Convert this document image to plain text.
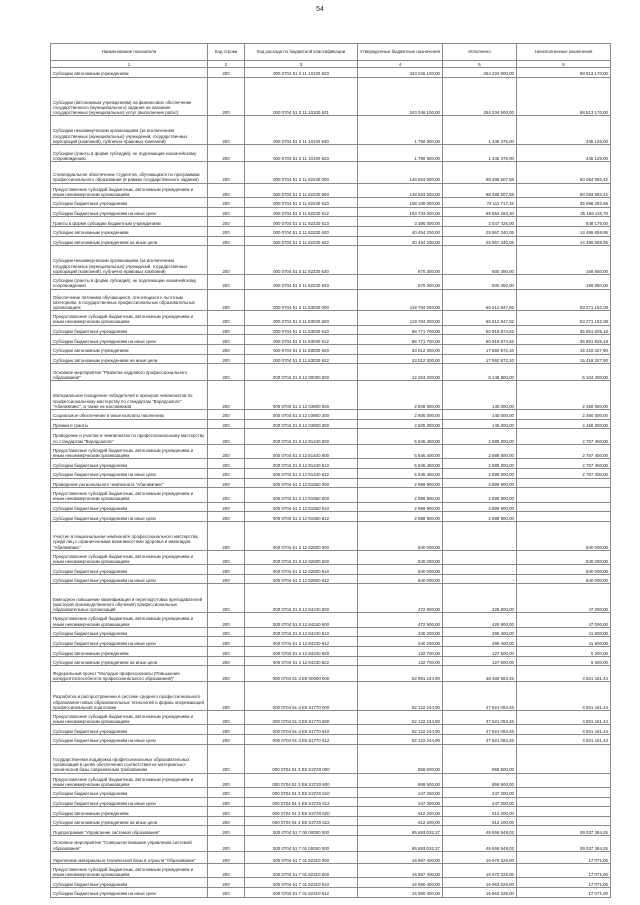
54
Наименование показателя	Код строки	Код расхода по бюджетной классификации	Утвержденные бюджетные назначения	Исполнено	Неисполненные назначения
1	2	3	4	5	6
Субсидии автономным учреждениям	200	000 0704 51 3 11 10100 620	343 046 100,00	254 234 900,00	88 813 170,00
Субсидии (автономным учреждениям) на финансовое обеспечение государственного (муниципального) задания на оказание государственных (муниципальных) услуг (выполнение работ)	200	000 0704 51 3 11 10100 621	343 046 100,00	254 234 900,00	88 813 170,00
Субсидии некоммерческим организациям (за исключением государственных (муниципальных) учреждений, государственных корпораций (компаний), публично-правовых компаний)	200	000 0704 51 3 11 10100 630	1 790 500,00	1 345 375,00	445 125,00
Субсидии (гранты в форме субсидий), не подлежащие казначейскому сопровождению	200	000 0704 51 3 11 10100 633	1 790 500,00	1 345 375,00	445 125,00
Стипендиальное обеспечение студентов, обучающихся по программам профессионального образования (в рамках государственного задания)	200	000 0704 51 3 11 82230 000	148 563 500,00	98 488 507,58	50 084 992,42
Предоставление субсидий бюджетным, автономным учреждениям и иным некоммерческим организациям	200	000 0704 51 3 11 82230 600	148 563 500,00	98 488 507,58	50 084 992,42
Субсидии бюджетным учреждениям	200	000 0704 51 3 11 82230 610	108 109 000,00	72 111 717,32	35 998 282,68
Субсидии бюджетным учреждениям на иные цели	200	000 0704 51 3 11 82230 612	104 733 000,00	69 564 283,30	35 169 116,70
Гранты в форме субсидии бюджетным учреждениям	200	000 0704 51 3 11 82230 613	3 395 000,00	2 547 425,00	848 175,00
Субсидии автономным учреждениям	200	000 0704 51 3 11 82230 620	40 454 200,00	25 967 340,05	14 486 859,95
Субсидии автономным учреждениям на иные цели	200	000 0704 51 3 11 82230 622	40 454 200,00	25 967 340,05	14 486 859,95
Субсидии некоммерческим организациям (за исключением государственных (муниципальных) учреждений, государственных корпораций (компаний), публично-правовых компаний)	200	000 0704 51 3 11 82230 630	670 300,00	500 450,00	169 850,00
Субсидии (гранты в форме субсидий), не подлежащие казначейскому сопровождению	200	000 0704 51 3 11 82230 633	670 300,00	500 450,00	169 850,00
Обеспечение питанием обучающихся, относящихся к льготным категориям, в государственных профессиональных образовательных организациях	200	000 0704 51 3 11 83030 000	119 784 000,00	66 512 847,92	53 271 152,08
Предоставление субсидий бюджетным, автономным учреждениям и иным некоммерческим организациям	200	000 0704 51 3 11 83030 600	119 784 000,00	66 512 847,92	53 271 152,08
Субсидии бюджетным учреждениям	200	000 0704 51 3 11 83030 610	86 771 700,00	50 919 874,82	35 851 825,18
Субсидии бюджетным учреждениям на иные цели	200	000 0704 51 3 11 83030 612	86 771 700,00	50 919 874,82	35 851 825,18
Субсидии автономным учреждениям	200	000 0704 51 3 11 83030 620	33 012 300,00	17 592 972,10	15 419 327,90
Субсидии автономным учреждениям на иные цели	200	000 0704 51 3 11 83030 622	33 012 300,00	17 592 972,10	15 419 327,90
Основное мероприятие "Развитие кадрового профессионального образования"	200	000 0704 51 3 12 00000 000	12 253 200,00	6 148 800,00	6 104 400,00
Материальное поощрение победителей и призеров чемпионатов по профессиональному мастерству по стандартам "Ворлдскиллс" "Абилимпикс", а также их наставников	200	000 0704 51 3 12 03900 000	2 605 000,00	145 000,00	2 460 000,00
Социальное обеспечение и иные выплаты населению	200	000 0704 51 3 12 03900 300	2 605 000,00	145 000,00	2 460 000,00
Премии и гранты	200	000 0704 51 3 12 03900 350	2 605 000,00	145 000,00	2 460 000,00
Проведение и участие в чемпионатах по профессиональному мастерству по стандартам "Ворлдскиллс"	200	000 0704 51 3 12 81440 000	5 646 400,00	2 889 000,00	2 757 400,00
Предоставление субсидий бюджетным, автономным учреждениям и иным некоммерческим организациям	200	000 0704 51 3 12 81440 600	5 646 400,00	2 889 000,00	2 757 400,00
Субсидии бюджетным учреждениям	200	000 0704 51 3 12 81440 610	5 646 400,00	2 889 000,00	2 757 400,00
Субсидии бюджетным учреждениям на иные цели	200	000 0704 51 3 12 81440 612	5 646 400,00	2 889 000,00	2 757 400,00
Проведение регионального чемпионата "Абилимпикс"	200	000 0704 51 3 12 81560 000	2 888 900,00	2 888 900,00	
Предоставление субсидий бюджетным, автономным учреждениям и иным некоммерческим организациям	200	000 0704 51 3 12 81560 600	2 888 900,00	2 888 900,00	
Субсидии бюджетным учреждениям	200	000 0704 51 3 12 81560 610	2 888 900,00	2 888 900,00	
Субсидии бюджетным учреждениям на иные цели	200	000 0704 51 3 12 81560 612	2 888 900,00	2 888 900,00	
Участие в Национальном чемпионате профессионального мастерства, среди лиц с ограниченными возможностями здоровья и инвалидов "Абилимпикс"	200	000 0704 51 3 12 82600 000	840 000,00	-	840 000,00
Предоставление субсидий бюджетным, автономным учреждениям и иным некоммерческим организациям	200	000 0704 51 3 12 82600 600	840 000,00	-	840 000,00
Субсидии бюджетным учреждениям	200	000 0704 51 3 12 82600 610	840 000,00	-	840 000,00
Субсидии бюджетным учреждениям на иные цели	200	000 0704 51 3 12 82600 612	840 000,00	-	840 000,00
Ежегодное повышение квалификации и переподготовка преподавателей (мастеров производственного обучения) профессиональных образовательных организаций	200	000 0704 51 3 12 84240 000	472 900,00	425 900,00	47 000,00
Предоставление субсидий бюджетным, автономным учреждениям и иным некоммерческим организациям	200	000 0704 51 3 12 84240 600	472 900,00	425 900,00	47 000,00
Субсидии бюджетным учреждениям	200	000 0704 51 3 12 84240 610	340 200,00	298 400,00	41 800,00
Субсидии бюджетным учреждениям на иные цели	200	000 0704 51 3 12 84240 612	340 200,00	298 400,00	41 800,00
Субсидии автономным учреждениям	200	000 0704 51 3 12 84240 620	132 700,00	127 500,00	5 200,00
Субсидии автономным учреждениям на иные цели	200	000 0704 51 3 12 84240 622	132 700,00	127 500,00	5 200,00
Федеральный проект "Молодые профессионалы (Повышение конкурентоспособности профессионального образования)"	200	000 0704 51 3 E6 00000 000	52 981 244,90	48 480 583,46	4 501 161,44
Разработка и распространение в системе среднего профессионального образования новых образовательных технологий и формы опережающей профессиональной подготовки	200	000 0704 51 3 E6 51770 000	52 122 244,90	47 621 083,46	4 501 161,44
Предоставление субсидий бюджетным, автономным учреждениям и иным некоммерческим организациям	200	000 0704 51 3 E6 51770 600	52 122 244,90	47 621 083,46	4 501 161,44
Субсидии бюджетным учреждениям	200	000 0704 51 3 E6 51770 610	52 122 244,90	47 621 083,46	4 501 161,44
Субсидии бюджетным учреждениям на иные цели	200	000 0704 51 3 E6 51770 612	52 122 244,90	47 621 083,46	4 501 161,44
Государственная поддержка профессиональных образовательных организаций в целях обеспечения соответствия их материально-технической базы современным требованиям	200	000 0704 51 3 E6 S3720 000	859 500,00	859 500,00	
Предоставление субсидий бюджетным, автономным учреждениям и иным некоммерческим организациям	200	000 0704 51 3 E6 S3720 600	859 500,00	859 500,00	
Субсидии бюджетным учреждениям	200	000 0704 51 3 E6 S3720 610	247 300,00	247 300,00	
Субсидии бюджетным учреждениям на иные цели	200	000 0704 51 3 E6 S3720 612	247 300,00	247 300,00	
Субсидии автономным учреждениям	200	000 0704 51 3 E6 S3720 620	612 200,00	612 200,00	
Субсидии автономным учреждениям на иные цели	200	000 0704 51 3 E6 S3720 622	612 200,00	612 200,00	
Подпрограмма "Управление системой образования"	200	000 0704 51 7 00 00000 000	85 693 032,27	45 655 649,02	39 037 384,25
Основное мероприятие "Совершенствование управления системой образования"	200	000 0704 51 7 01 00000 000	85 693 032,27	45 655 649,02	39 037 384,25
Укрепление материально-технической базы в отрасли "Образование"	200	000 0704 51 7 01 82310 000	16 987 400,00	16 970 329,00	17 071,00
Предоставление субсидий бюджетным, автономным учреждениям и иным некоммерческим организациям	200	000 0704 51 7 01 82310 600	16 987 400,00	16 970 329,00	17 071,00
Субсидии бюджетным учреждениям	200	000 0704 51 7 01 82310 610	16 980 400,00	16 963 329,00	17 071,00
Субсидии бюджетным учреждениям на иные цели	200	000 0704 51 7 01 82310 612	16 980 400,00	16 963 329,00	17 071,00
